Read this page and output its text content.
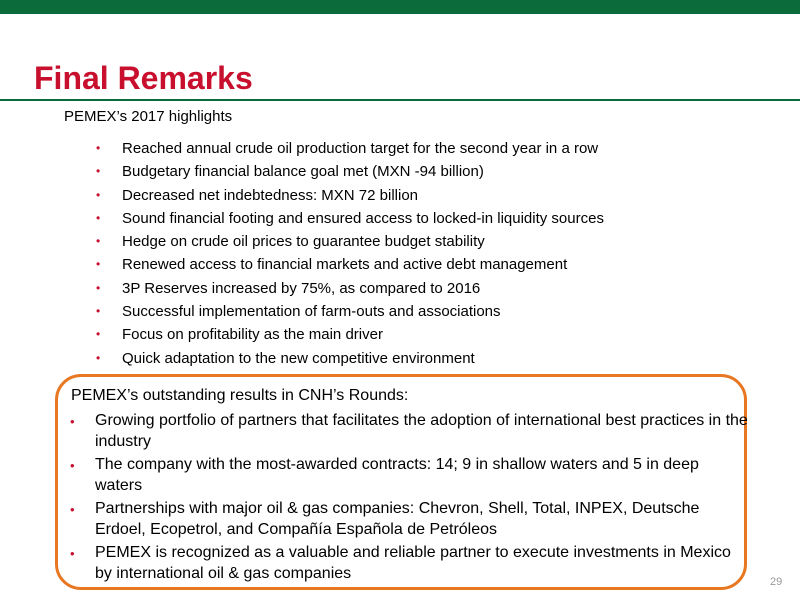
Final Remarks
PEMEX’s 2017 highlights
• Reached annual crude oil production target for the second year in a row
• Budgetary financial balance goal met (MXN -94 billion)
• Decreased net indebtedness: MXN 72 billion
• Sound financial footing and ensured access to locked-in liquidity sources
• Hedge on crude oil prices to guarantee budget stability
• Renewed access to financial markets and active debt management
• 3P Reserves increased by 75%, as compared to 2016
• Successful implementation of farm-outs and associations
• Focus on profitability as the main driver
• Quick adaptation to the new competitive environment
PEMEX’s outstanding results in CNH’s Rounds:
• Growing portfolio of partners that facilitates the adoption of international best practices in the industry
• The company with the most-awarded contracts: 14; 9 in shallow waters and 5 in deep waters
• Partnerships with major oil & gas companies: Chevron, Shell, Total, INPEX, Deutsche Erdoel, Ecopetrol, and Compañía Española de Petróleos
• PEMEX is recognized as a valuable and reliable partner to execute investments in Mexico by international oil & gas companies	29
